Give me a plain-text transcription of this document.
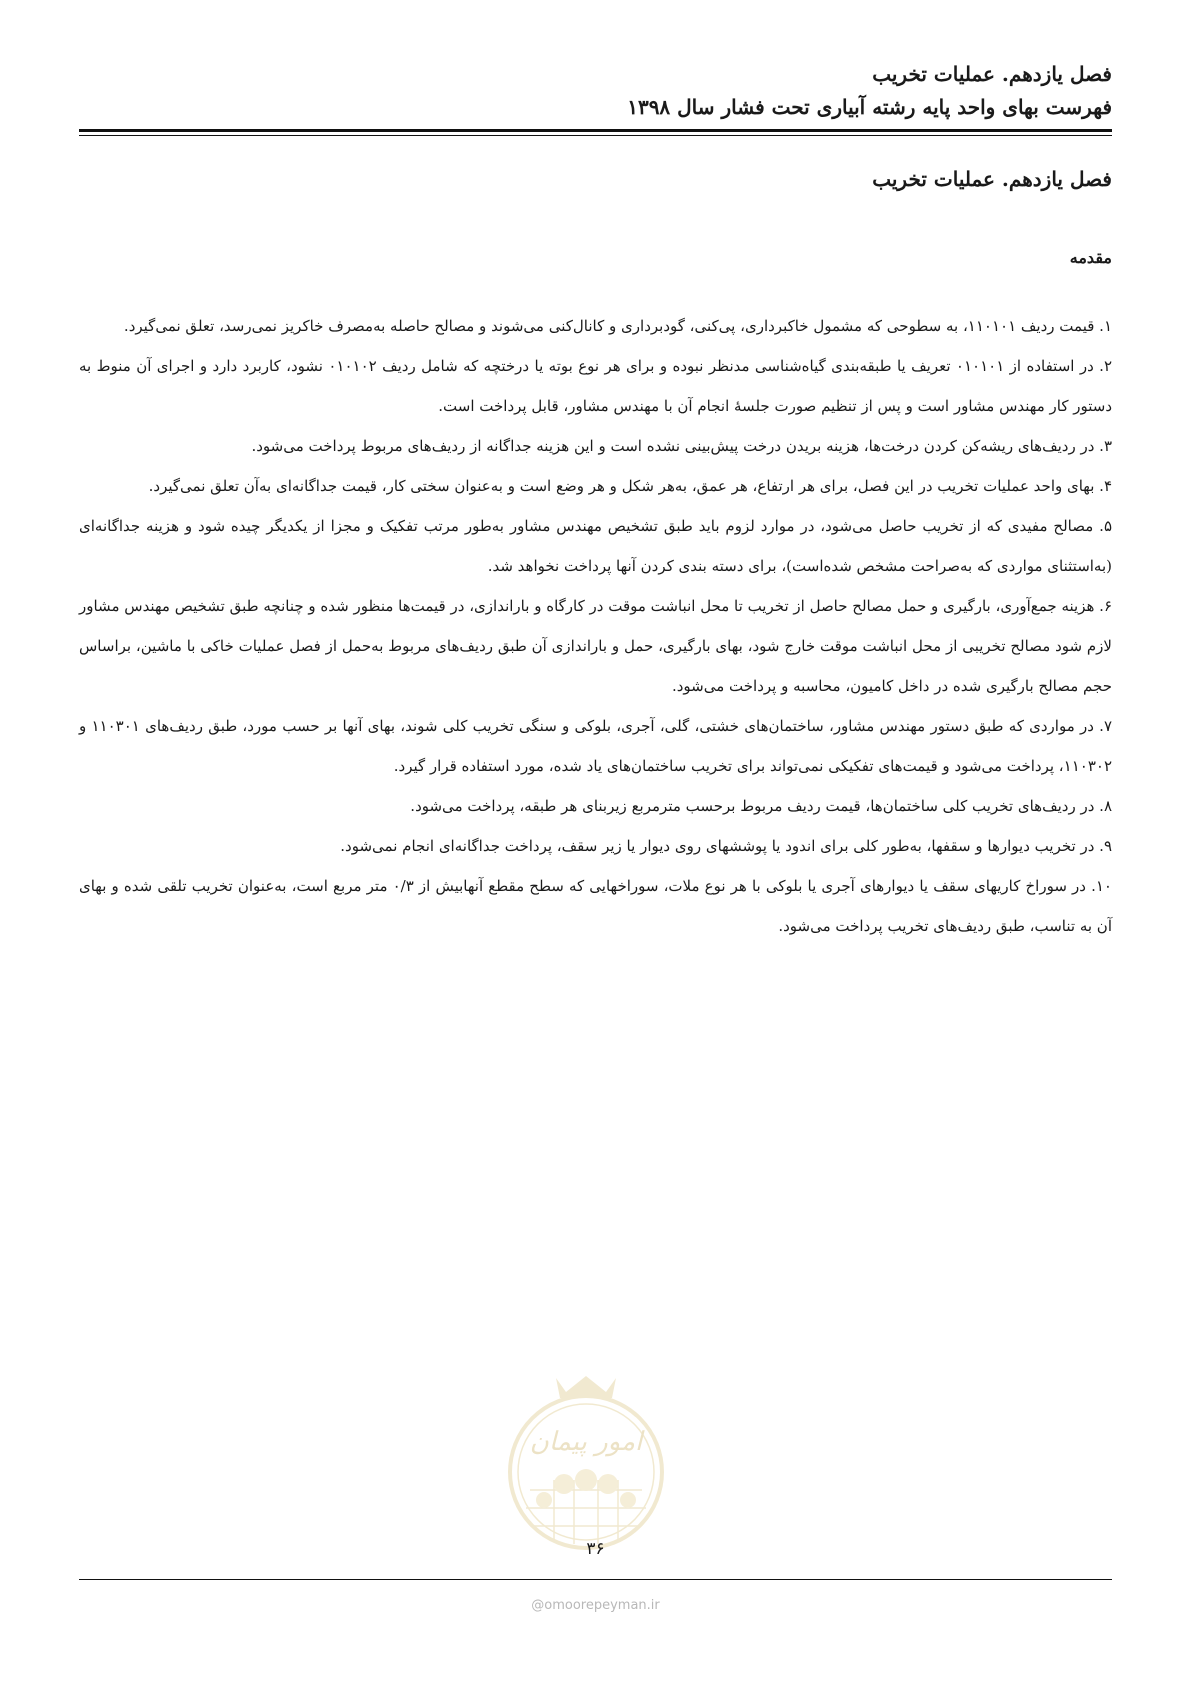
فصل یازدهم. عملیات تخریب
فهرست بهای واحد پایه رشته آبیاری تحت فشار سال ۱۳۹۸
فصل یازدهم. عملیات تخریب
مقدمه

۱. قیمت ردیف ۱۱۰۱۰۱، به سطوحی که مشمول خاکبرداری، پی‌کنی، گودبرداری و کانال‌کنی می‌شوند و مصالح حاصله به‌مصرف خاکریز نمی‌رسد، تعلق نمی‌گیرد.

۲. در استفاده از ۰۱۰۱۰۱ تعریف یا طبقه‌بندی گیاه‌شناسی مدنظر نبوده و برای هر نوع بوته یا درختچه که شامل ردیف ۰۱۰۱۰۲ نشود، کاربرد دارد و اجرای آن منوط به دستور کار مهندس مشاور است و پس از تنظیم صورت جلسهٔ انجام آن با مهندس مشاور، قابل پرداخت است.

۳. در ردیف‌های ریشه‌کن کردن درخت‌ها، هزینه بریدن درخت پیش‌بینی نشده است و این هزینه جداگانه از ردیف‌های مربوط پرداخت می‌شود.

۴. بهای واحد عملیات تخریب در این فصل، برای هر ارتفاع، هر عمق، به‌هر شکل و هر وضع است و به‌عنوان سختی کار، قیمت جداگانه‌ای به‌آن تعلق نمی‌گیرد.

۵. مصالح مفیدی که از تخریب حاصل می‌شود، در موارد لزوم باید طبق تشخیص مهندس مشاور به‌طور مرتب تفکیک و مجزا از یکدیگر چیده شود و هزینه جداگانه‌ای (به‌استثنای مواردی که به‌صراحت مشخص شده‌است)، برای دسته بندی کردن آنها پرداخت نخواهد شد.

۶. هزینه جمع‌آوری، بارگیری و حمل مصالح حاصل از تخریب تا محل انباشت موقت در کارگاه و باراندازی، در قیمت‌ها منظور شده و چنانچه طبق تشخیص مهندس مشاور لازم شود مصالح تخریبی از محل انباشت موقت خارج شود، بهای بارگیری، حمل و باراندازی آن طبق ردیف‌های مربوط به‌حمل از فصل عملیات خاکی با ماشین، براساس حجم مصالح بارگیری شده در داخل کامیون، محاسبه و پرداخت می‌شود.

۷. در مواردی که طبق دستور مهندس مشاور، ساختمان‌های خشتی، گلی، آجری، بلوکی و سنگی تخریب کلی شوند، بهای آنها بر حسب مورد، طبق ردیف‌های ۱۱۰۳۰۱ و ۱۱۰۳۰۲، پرداخت می‌شود و قیمت‌های تفکیکی نمی‌تواند برای تخریب ساختمان‌های یاد شده، مورد استفاده قرار گیرد.

۸. در ردیف‌های تخریب کلی ساختمان‌ها، قیمت ردیف مربوط برحسب مترمربع زیربنای هر طبقه، پرداخت می‌شود.

۹. در تخریب دیوارها و سقفها، به‌طور کلی برای اندود یا پوششهای روی دیوار یا زیر سقف، پرداخت جداگانه‌ای انجام نمی‌شود.

۱۰. در سوراخ کاریهای سقف یا دیوارهای آجری یا بلوکی با هر نوع ملات، سوراخهایی که سطح مقطع آنهابیش از ۰/۳ متر مربع است، به‌عنوان تخریب تلقی شده و بهای آن به تناسب، طبق ردیف‌های تخریب پرداخت می‌شود.

امور پیمان
۳۶
@omoorepeyman.ir
